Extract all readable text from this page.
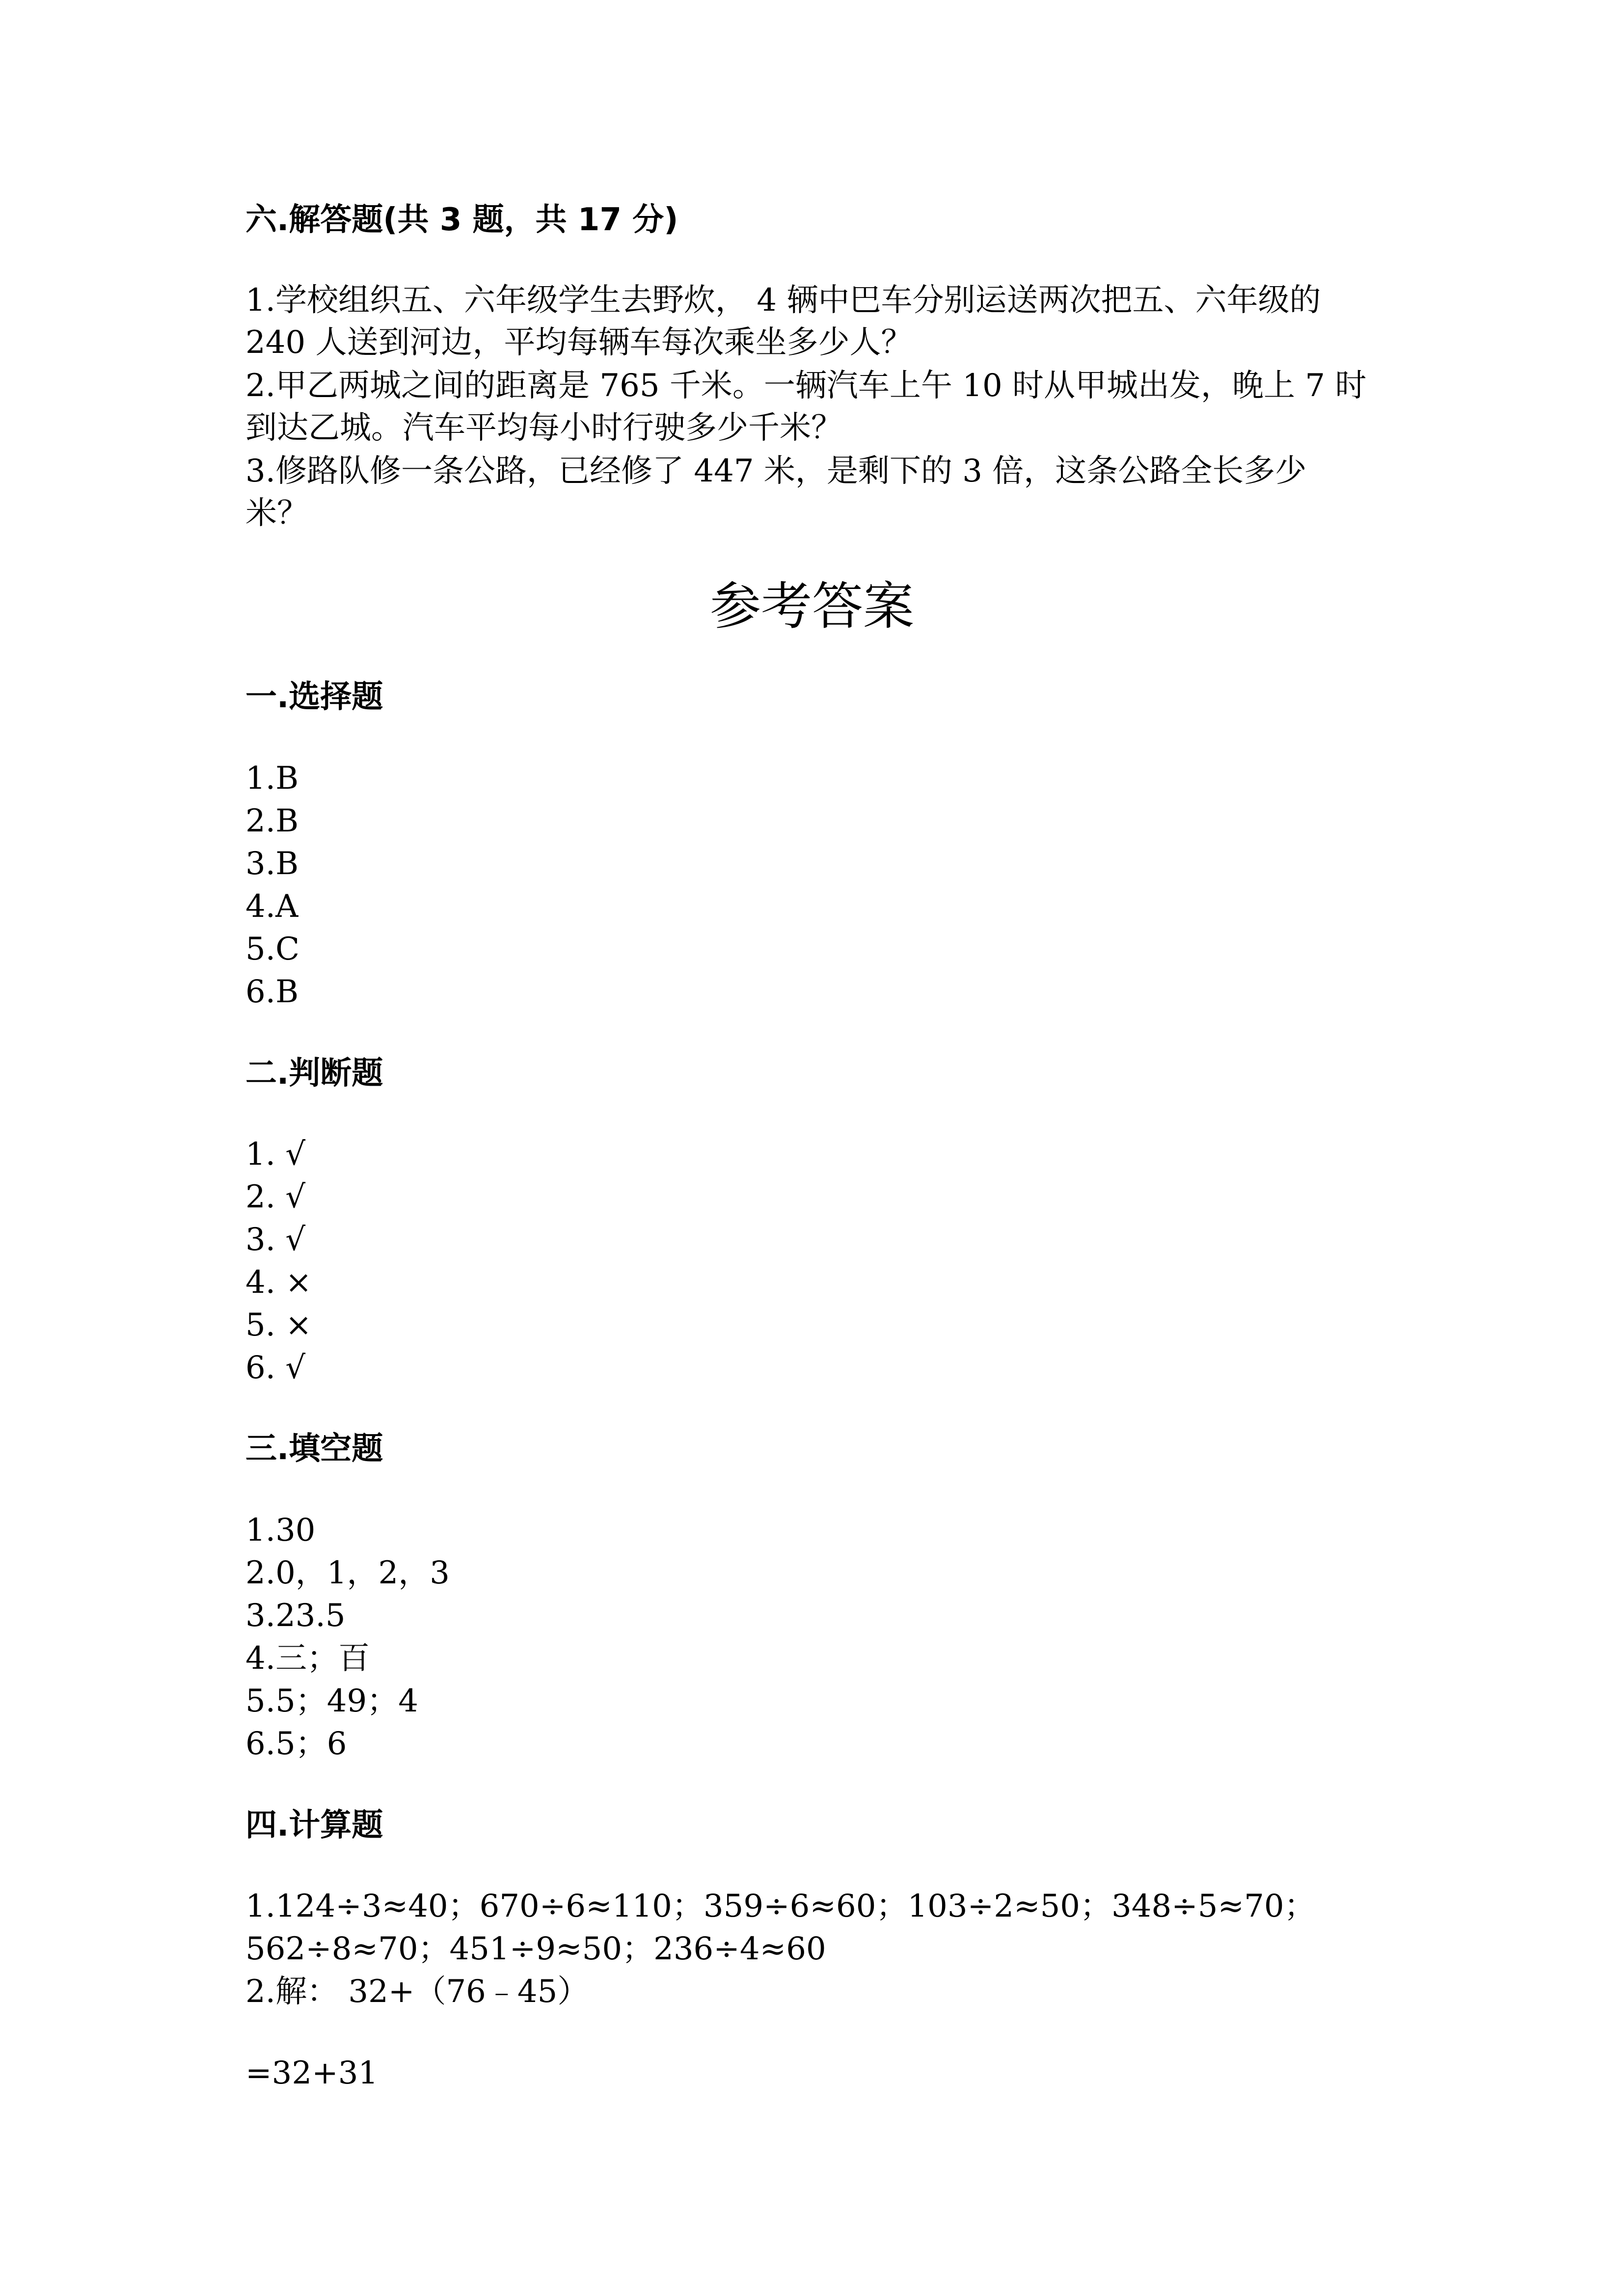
六.解答题(共 3 题，共 17 分)
1.学校组织五、六年级学生去野炊， 4 辆中巴车分别运送两次把五、六年级的
240 人送到河边，平均每辆车每次乘坐多少人？
2.甲乙两城之间的距离是 765 千米。一辆汽车上午 10 时从甲城出发，晚上 7 时
到达乙城。汽车平均每小时行驶多少千米？
3.修路队修一条公路，已经修了 447 米，是剩下的 3 倍，这条公路全长多少
米？
参考答案
一.选择题
1.B
2.B
3.B
4.A
5.C
6.B
二.判断题
1. √
2. √
3. √
4. ×
5. ×
6. √
三.填空题
1.30
2.0，1，2，3
3.23.5
4.三；百
5.5；49；4
6.5；6
四.计算题
1.124÷3≈40；670÷6≈110；359÷6≈60；103÷2≈50；348÷5≈70；
562÷8≈70；451÷9≈50；236÷4≈60
2.解： 32+（76﹣45）
=32+31
